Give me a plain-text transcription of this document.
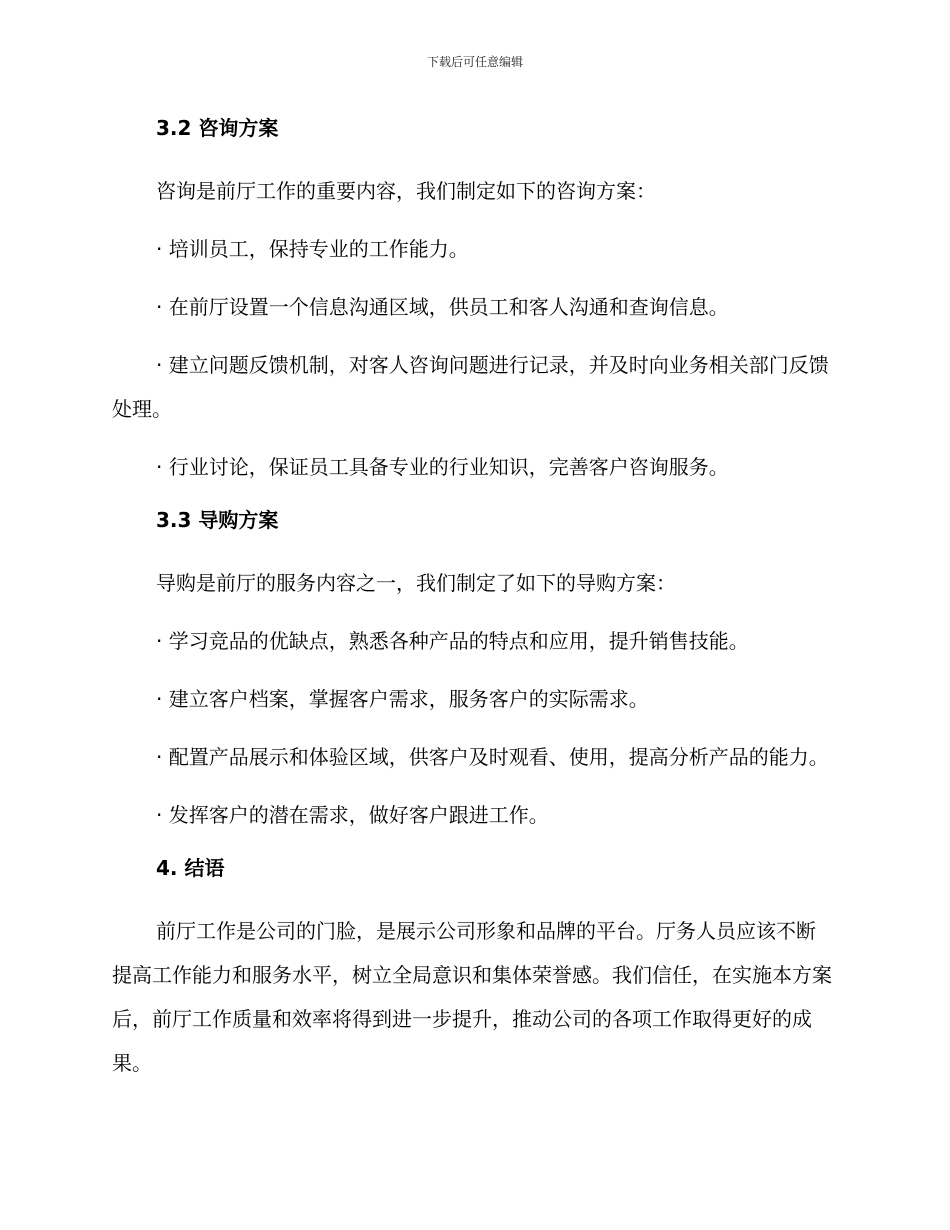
下载后可任意编辑
3.2 咨询方案

咨询是前厅工作的重要内容，我们制定如下的咨询方案：

· 培训员工，保持专业的工作能力。

· 在前厅设置一个信息沟通区域，供员工和客人沟通和查询信息。

· 建立问题反馈机制，对客人咨询问题进行记录，并及时向业务相关部门反馈处理。

· 行业讨论，保证员工具备专业的行业知识，完善客户咨询服务。

3.3 导购方案

导购是前厅的服务内容之一，我们制定了如下的导购方案：

· 学习竞品的优缺点，熟悉各种产品的特点和应用，提升销售技能。

· 建立客户档案，掌握客户需求，服务客户的实际需求。

· 配置产品展示和体验区域，供客户及时观看、使用，提高分析产品的能力。

· 发挥客户的潜在需求，做好客户跟进工作。

4. 结语

前厅工作是公司的门脸，是展示公司形象和品牌的平台。厅务人员应该不断提高工作能力和服务水平，树立全局意识和集体荣誉感。我们信任，在实施本方案后，前厅工作质量和效率将得到进一步提升，推动公司的各项工作取得更好的成果。
